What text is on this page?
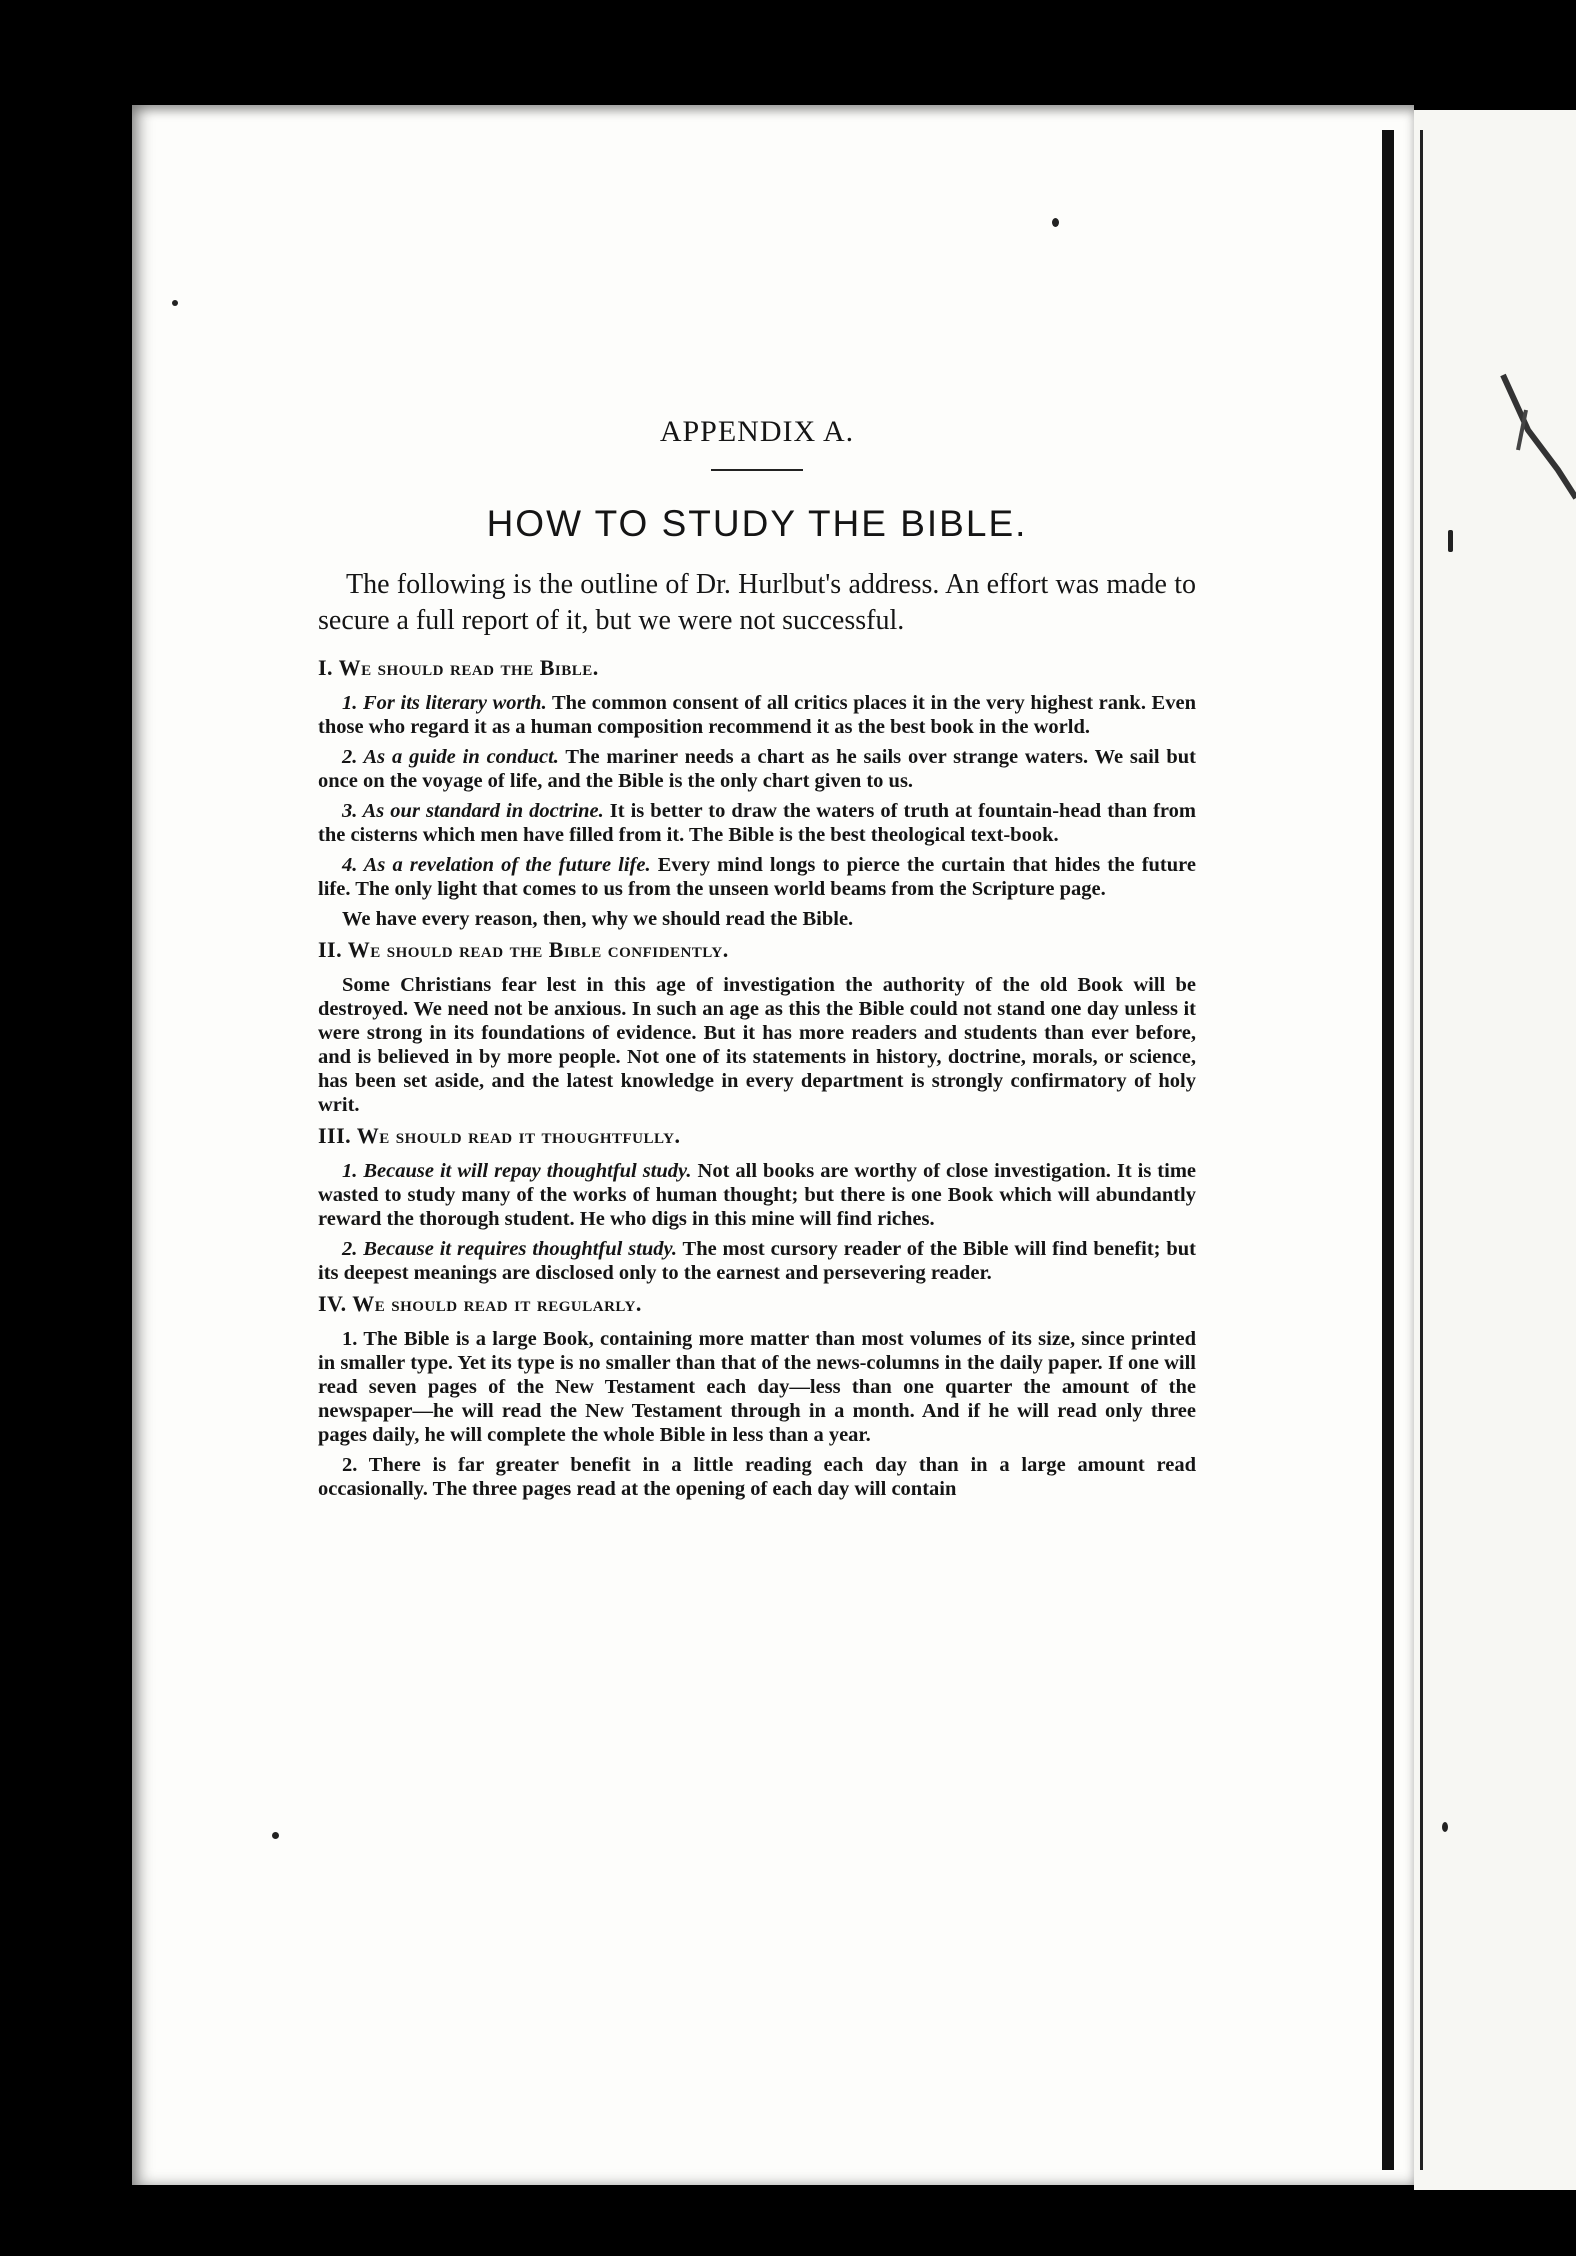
APPENDIX A.
HOW TO STUDY THE BIBLE.

The following is the outline of Dr. Hurlbut's address. An effort was made to secure a full report of it, but we were not successful.

I. We should read the Bible.

1. For its literary worth. The common consent of all critics places it in the very highest rank. Even those who regard it as a human composition recommend it as the best book in the world.

2. As a guide in conduct. The mariner needs a chart as he sails over strange waters. We sail but once on the voyage of life, and the Bible is the only chart given to us.

3. As our standard in doctrine. It is better to draw the waters of truth at fountain-head than from the cisterns which men have filled from it. The Bible is the best theological text-book.

4. As a revelation of the future life. Every mind longs to pierce the curtain that hides the future life. The only light that comes to us from the unseen world beams from the Scripture page.

We have every reason, then, why we should read the Bible.

II. We should read the Bible confidently.

Some Christians fear lest in this age of investigation the authority of the old Book will be destroyed. We need not be anxious. In such an age as this the Bible could not stand one day unless it were strong in its foundations of evidence. But it has more readers and students than ever before, and is believed in by more people. Not one of its statements in history, doctrine, morals, or science, has been set aside, and the latest knowledge in every department is strongly confirmatory of holy writ.

III. We should read it thoughtfully.

1. Because it will repay thoughtful study. Not all books are worthy of close investigation. It is time wasted to study many of the works of human thought; but there is one Book which will abundantly reward the thorough student. He who digs in this mine will find riches.

2. Because it requires thoughtful study. The most cursory reader of the Bible will find benefit; but its deepest meanings are disclosed only to the earnest and persevering reader.

IV. We should read it regularly.

1. The Bible is a large Book, containing more matter than most volumes of its size, since printed in smaller type. Yet its type is no smaller than that of the news-columns in the daily paper. If one will read seven pages of the New Testament each day—less than one quarter the amount of the newspaper—he will read the New Testament through in a month. And if he will read only three pages daily, he will complete the whole Bible in less than a year.

2. There is far greater benefit in a little reading each day than in a large amount read occasionally. The three pages read at the opening of each day will contain
